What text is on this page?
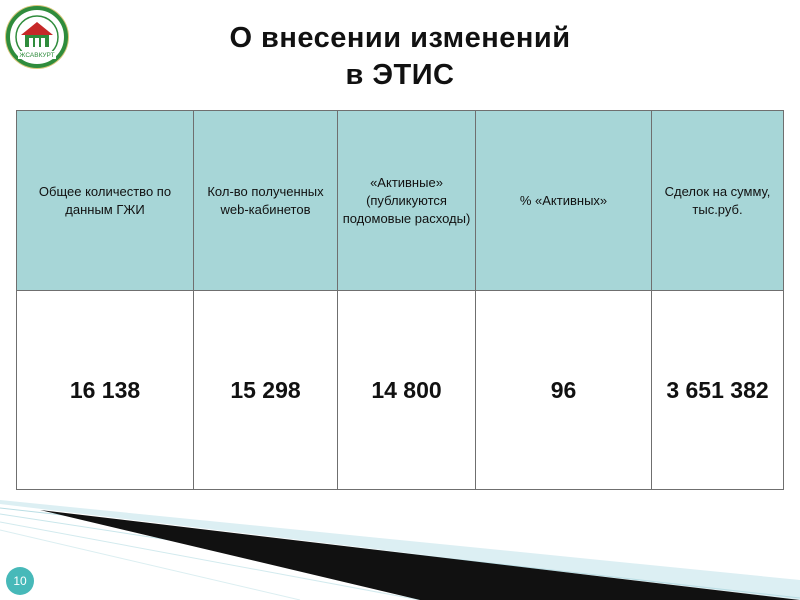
ЖСАВКУРТ
О внесении изменений
в ЭТИС
Общее количество по данным ГЖИ	Кол-во полученных web-кабинетов	«Активные» (публикуются подомовые расходы)	% «Активных»	Сделок на сумму, тыс.руб.
16 138	15 298	14 800	96	3 651 382
10
